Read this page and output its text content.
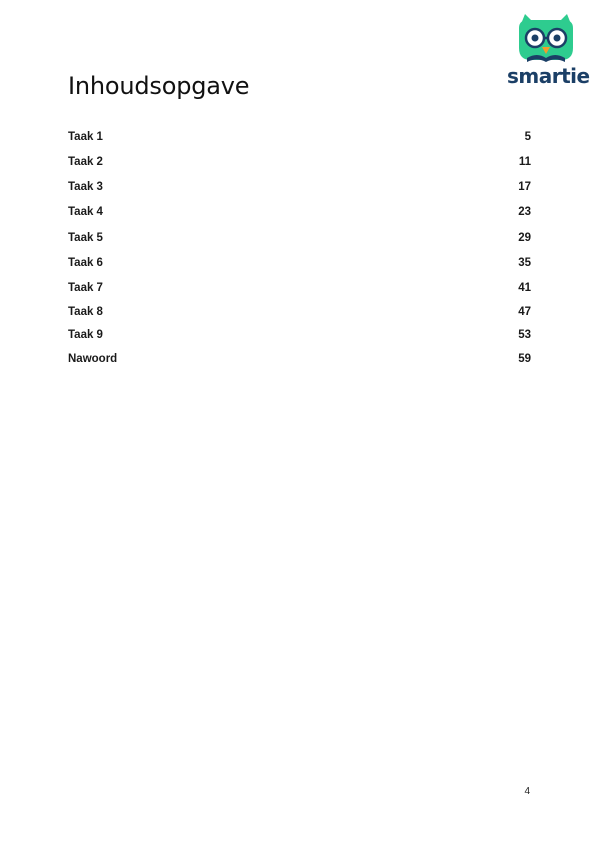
smartie
Inhoudsopgave
Taak 1	5
Taak 2	11
Taak 3	17
Taak 4	23
Taak 5	29
Taak 6	35
Taak 7	41
Taak 8	47
Taak 9	53
Nawoord	59
4
